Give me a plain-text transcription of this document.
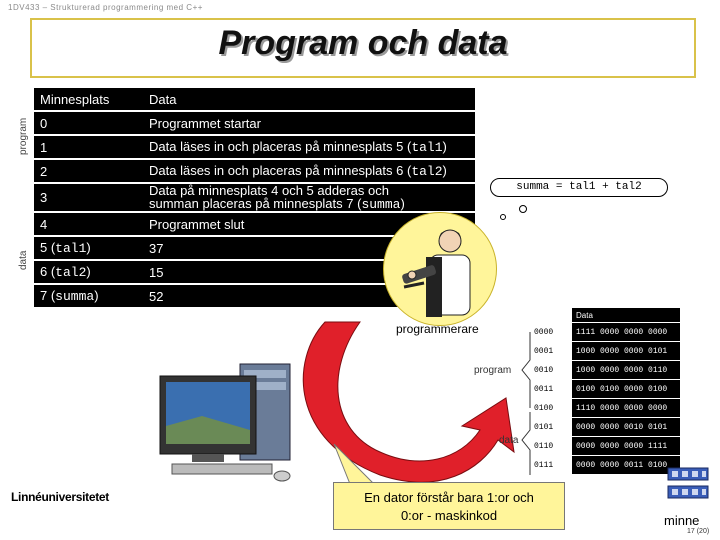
1DV433 – Strukturerad programmering med C++
Program och data
program
data
Minnesplats	Data

0	Programmet startar

1	Data läses in och placeras på minnesplats 5 (tal1)

2	Data läses in och placeras på minnesplats 6 (tal2)

3	Data på minnesplats 4 och 5 adderas och summan placeras på minnesplats 7 (summa)

4	Programmet slut

5 (tal1)	37

6 (tal2)	15

7 (summa)	52
summa = tal1 + tal2
programmerare
	Data
0000	1111 0000 0000 0000
0001	1000 0000 0000 0101
0010	1000 0000 0000 0110
0011	0100 0100 0000 0100
0100	1110 0000 0000 0000
0101	0000 0000 0010 0101
0110	0000 0000 0000 1111
0111	0000 0000 0011 0100
program
data
En dator förstår bara 1:or och
0:or - maskinkod
Linnéuniversitetet
minne
17 (20)
